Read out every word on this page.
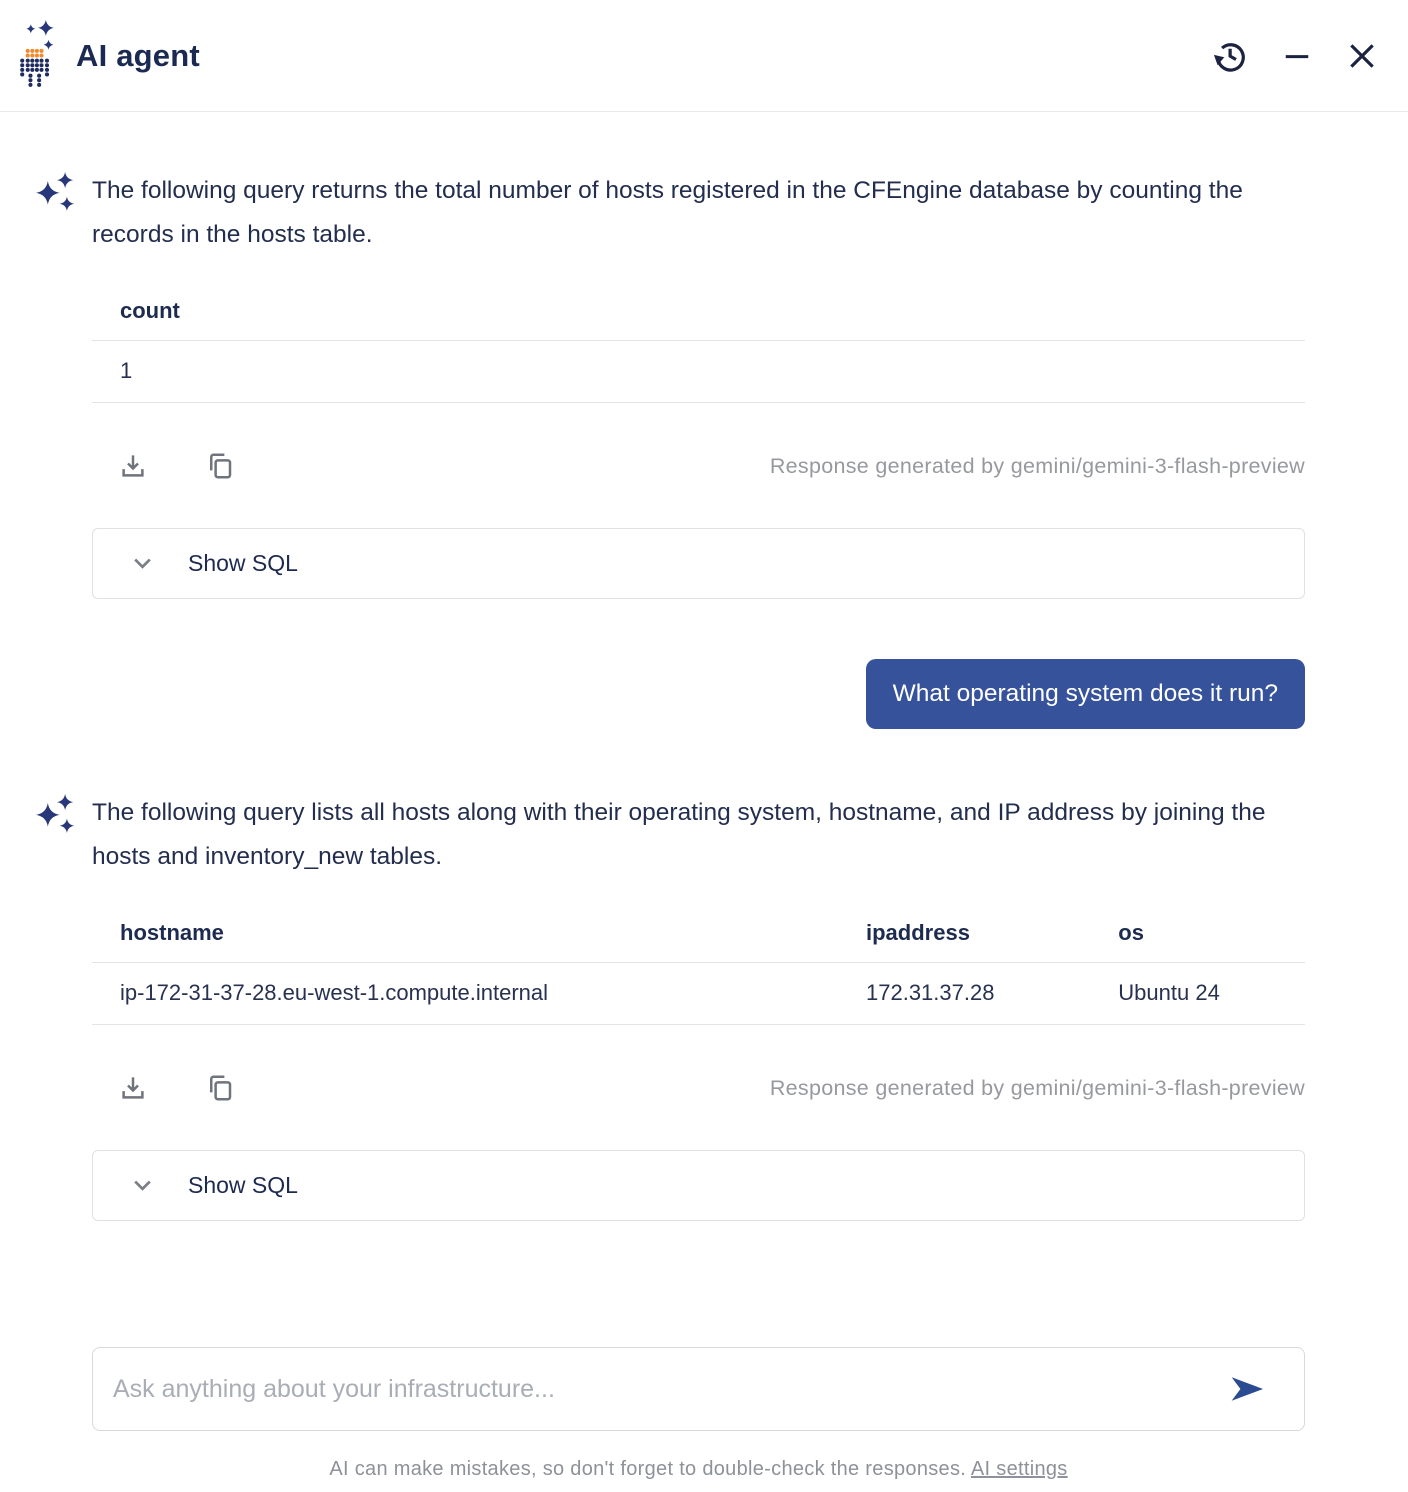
AI agent

The following query returns the total number of hosts registered in the CFEngine database by counting the records in the hosts table.

count
1
Response generated by gemini/gemini-3-flash-preview
Show SQL
What operating system does it run?

The following query lists all hosts along with their operating system, hostname, and IP address by joining the hosts and inventory_new tables.

hostname	ipaddress	os
ip-172-31-37-28.eu-west-1.compute.internal	172.31.37.28	Ubuntu 24
Response generated by gemini/gemini-3-flash-preview
Show SQL
Ask anything about your infrastructure...
AI can make mistakes, so don't forget to double-check the responses. AI settings
